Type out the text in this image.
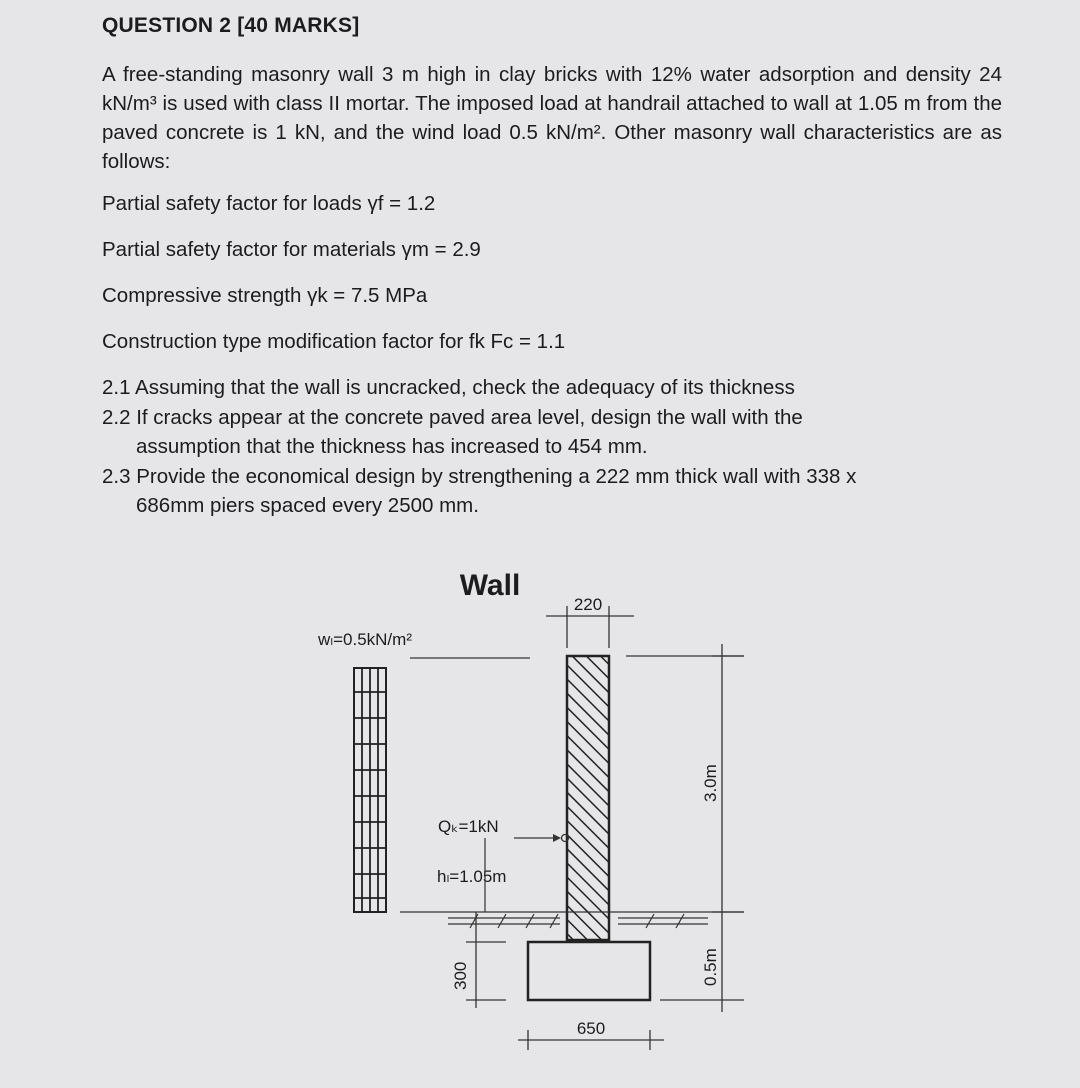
QUESTION 2 [40 MARKS]

A free-standing masonry wall 3 m high in clay bricks with 12% water adsorption and density 24 kN/m³ is used with class II mortar. The imposed load at handrail attached to wall at 1.05 m from the paved concrete is 1 kN, and the wind load 0.5 kN/m². Other masonry wall characteristics are as follows:

Partial safety factor for loads γf = 1.2
Partial safety factor for materials γm = 2.9
Compressive strength γk = 7.5 MPa
Construction type modification factor for fk Fc = 1.1
2.1 Assuming that the wall is uncracked, check the adequacy of its thickness
2.2 If cracks appear at the concrete paved area level, design the wall with the
assumption that the thickness has increased to 454 mm.
2.3 Provide the economical design by strengthening a 222 mm thick wall with 338 x
686mm piers spaced every 2500 mm.
Wall
wₗ=0.5kN/m²
220
Qₖ=1kN
hₗ=1.05m
300
650
3.0m
0.5m
